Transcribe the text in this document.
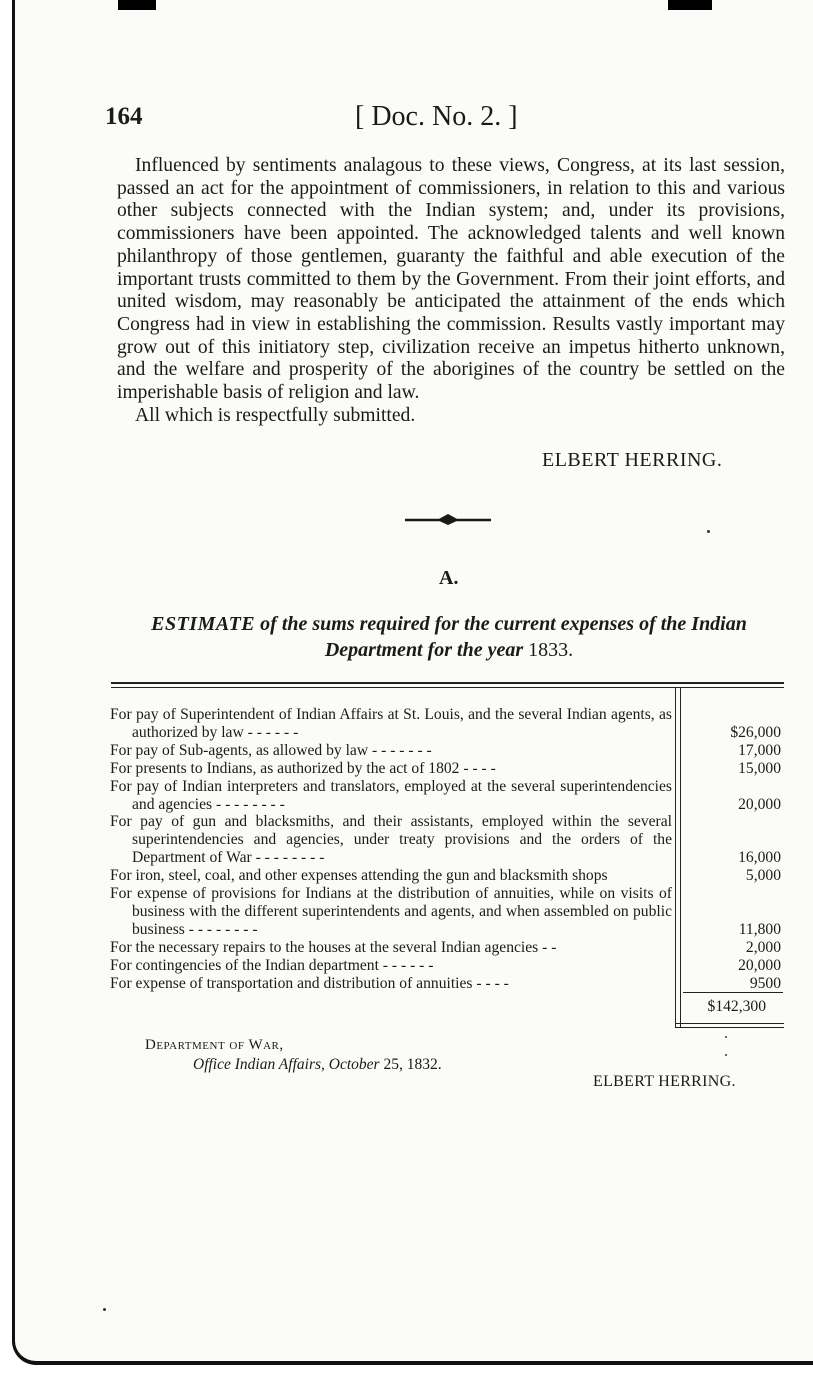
164	[ Doc. No. 2. ]

Influenced by sentiments analagous to these views, Congress, at its last session, passed an act for the appointment of commissioners, in relation to this and various other subjects connected with the Indian system; and, under its provisions, commissioners have been appointed. The acknowledged talents and well known philanthropy of those gentlemen, guaranty the faithful and able execution of the important trusts committed to them by the Government. From their joint efforts, and united wisdom, may reasonably be anticipated the attainment of the ends which Congress had in view in establishing the commission. Results vastly important may grow out of this initiatory step, civilization receive an impetus hitherto unknown, and the welfare and prosperity of the aborigines of the country be settled on the imperishable basis of religion and law.

All which is respectfully submitted.

ELBERT HERRING.
A.
ESTIMATE of the sums required for the current expenses of the Indian Department for the year 1833.
For pay of Superintendent of Indian Affairs at St. Louis, and the several Indian agents, as authorized by law - - - - - -
For pay of Sub-agents, as allowed by law - - - - - - -
For presents to Indians, as authorized by the act of 1802 - - - -
For pay of Indian interpreters and translators, employed at the several superintendencies and agencies - - - - - - - -
For pay of gun and blacksmiths, and their assistants, employed within the several superintendencies and agencies, under treaty provisions and the orders of the Department of War - - - - - - - -
For iron, steel, coal, and other expenses attending the gun and blacksmith shops
For expense of provisions for Indians at the distribution of annuities, while on visits of business with the different superintendents and agents, and when assembled on public business - - - - - - - -
For the necessary repairs to the houses at the several Indian agencies - -
For contingencies of the Indian department - - - - - -
For expense of transportation and distribution of annuities - - - -
$26,000
17,000
15,000
20,000
16,000
5,000
11,800
2,000
20,000
9500
$142,300
Department of War,
Office Indian Affairs, October 25, 1832.
ELBERT HERRING.
